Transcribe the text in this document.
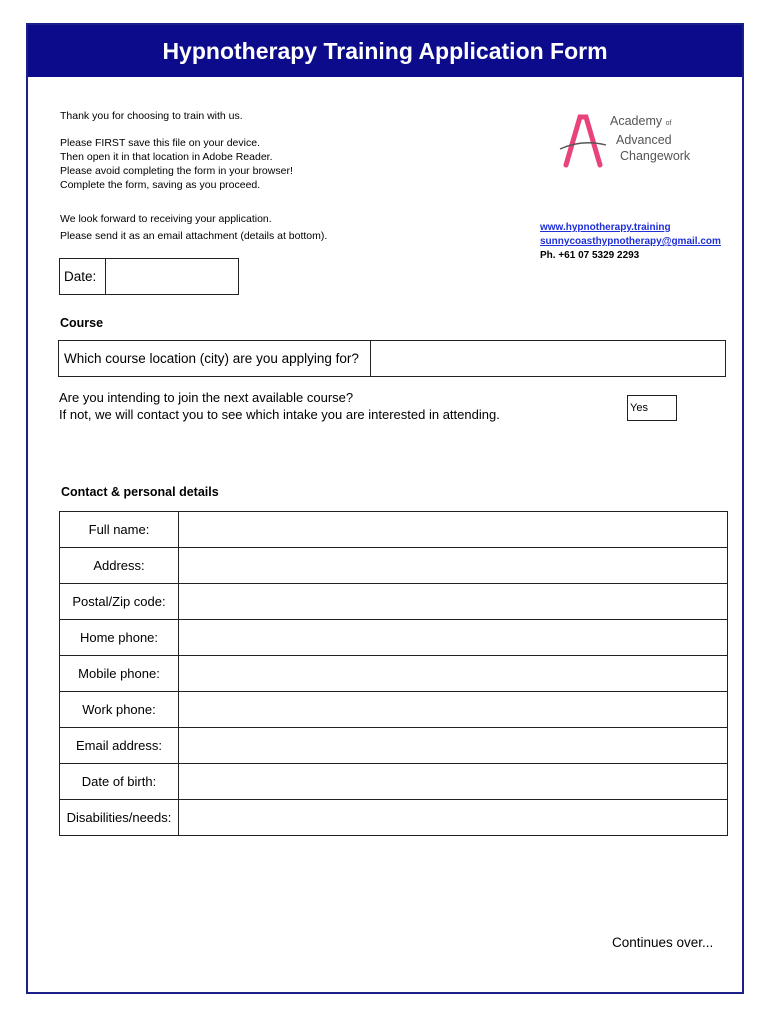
Hypnotherapy Training Application Form
Thank you for choosing to train with us.
Please FIRST save this file on your device.
Then open it in that location in Adobe Reader.
Please avoid completing the form in your browser!
Complete the form, saving as you proceed.
We look forward to receiving your application.
Please send it as an email attachment (details at bottom).
Academy of
Advanced
Changework
www.hypnotherapy.training
sunnycoasthypnotherapy@gmail.com
Ph. +61 07 5329 2293
Date:
Course
Which course location (city) are you applying for?
Are you intending to join the next available course?
If not, we will contact you to see which intake you are interested in attending.	Yes
Contact & personal details
Full name:	
Address:	
Postal/Zip code:	
Home phone:	
Mobile phone:	
Work phone:	
Email address:	
Date of birth:	
Disabilities/needs:	
Continues over...
